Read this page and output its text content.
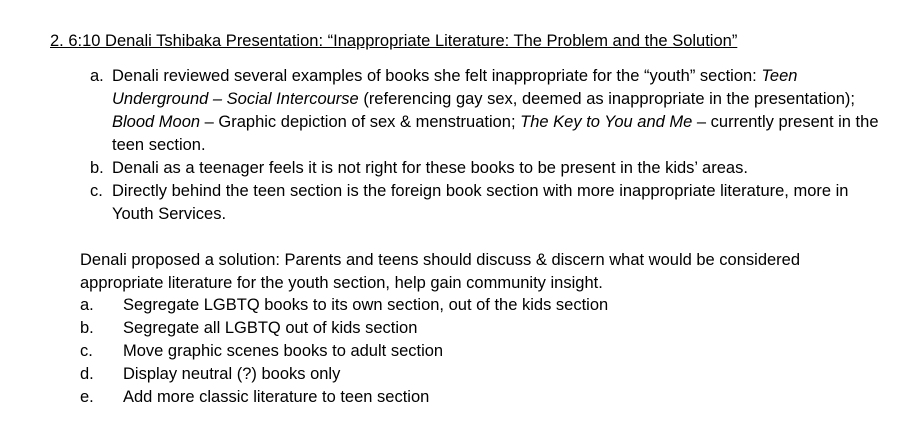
2. 6:10 Denali Tshibaka Presentation: “Inappropriate Literature: The Problem and the Solution”
a. Denali reviewed several examples of books she felt inappropriate for the “youth” section: Teen Underground – Social Intercourse (referencing gay sex, deemed as inappropriate in the presentation); Blood Moon – Graphic depiction of sex & menstruation; The Key to You and Me – currently present in the teen section.
b. Denali as a teenager feels it is not right for these books to be present in the kids’ areas.
c. Directly behind the teen section is the foreign book section with more inappropriate literature, more in Youth Services.
Denali proposed a solution: Parents and teens should discuss & discern what would be considered appropriate literature for the youth section, help gain community insight.
a.	Segregate LGBTQ books to its own section, out of the kids section
b.	Segregate all LGBTQ out of kids section
c.	Move graphic scenes books to adult section
d.	Display neutral (?) books only
e.	Add more classic literature to teen section
